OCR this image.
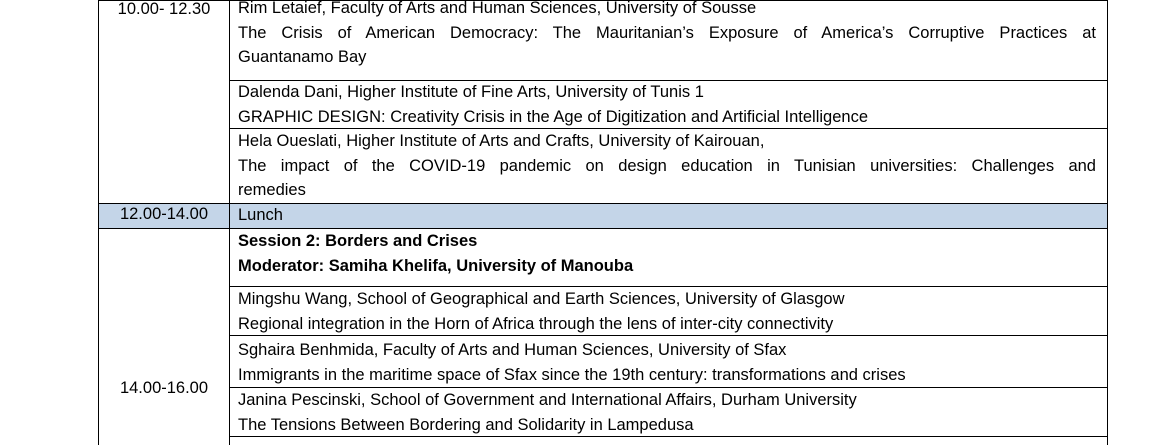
10.00- 12.30
12.00-14.00
14.00-16.00
Rim Letaief, Faculty of Arts and Human Sciences, University of Sousse
The Crisis of American Democracy: The Mauritanian’s Exposure of America’s Corruptive Practices at
Guantanamo Bay
Dalenda Dani, Higher Institute of Fine Arts, University of Tunis 1
GRAPHIC DESIGN: Creativity Crisis in the Age of Digitization and Artificial Intelligence
Hela Oueslati, Higher Institute of Arts and Crafts, University of Kairouan,
The impact of the COVID-19 pandemic on design education in Tunisian universities: Challenges and
remedies
Lunch
Session 2: Borders and Crises
Moderator: Samiha Khelifa, University of Manouba
Mingshu Wang, School of Geographical and Earth Sciences, University of Glasgow
Regional integration in the Horn of Africa through the lens of inter-city connectivity
Sghaira Benhmida, Faculty of Arts and Human Sciences, University of Sfax
Immigrants in the maritime space of Sfax since the 19th century: transformations and crises
Janina Pescinski, School of Government and International Affairs, Durham University
The Tensions Between Bordering and Solidarity in Lampedusa
